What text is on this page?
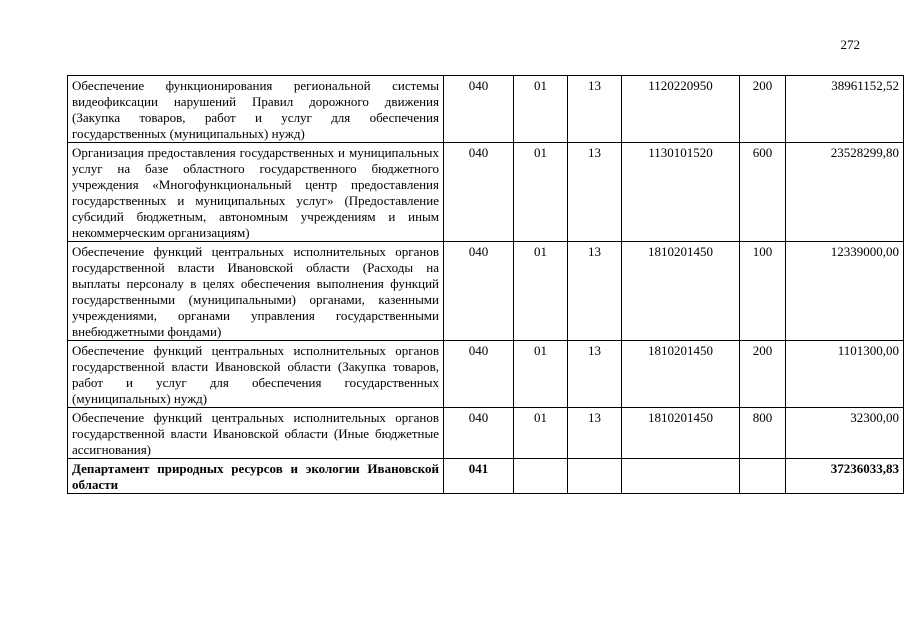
272
Обеспечение функционирования региональной системы видеофиксации нарушений Правил дорожного движения (Закупка товаров, работ и услуг для обеспечения государственных (муниципальных) нужд)	040	01	13	1120220950	200	38961152,52
Организация предоставления государственных и муниципальных услуг на базе областного государственного бюджетного учреждения «Многофункциональный центр предоставления государственных и муниципальных услуг» (Предоставление субсидий бюджетным, автономным учреждениям и иным некоммерческим организациям)	040	01	13	1130101520	600	23528299,80
Обеспечение функций центральных исполнительных органов государственной власти Ивановской области (Расходы на выплаты персоналу в целях обеспечения выполнения функций государственными (муниципальными) органами, казенными учреждениями, органами управления государственными внебюджетными фондами)	040	01	13	1810201450	100	12339000,00
Обеспечение функций центральных исполнительных органов государственной власти Ивановской области (Закупка товаров, работ и услуг для обеспечения государственных (муниципальных) нужд)	040	01	13	1810201450	200	1101300,00
Обеспечение функций центральных исполнительных органов государственной власти Ивановской области (Иные бюджетные ассигнования)	040	01	13	1810201450	800	32300,00
Департамент природных ресурсов и экологии Ивановской области	041					37236033,83
